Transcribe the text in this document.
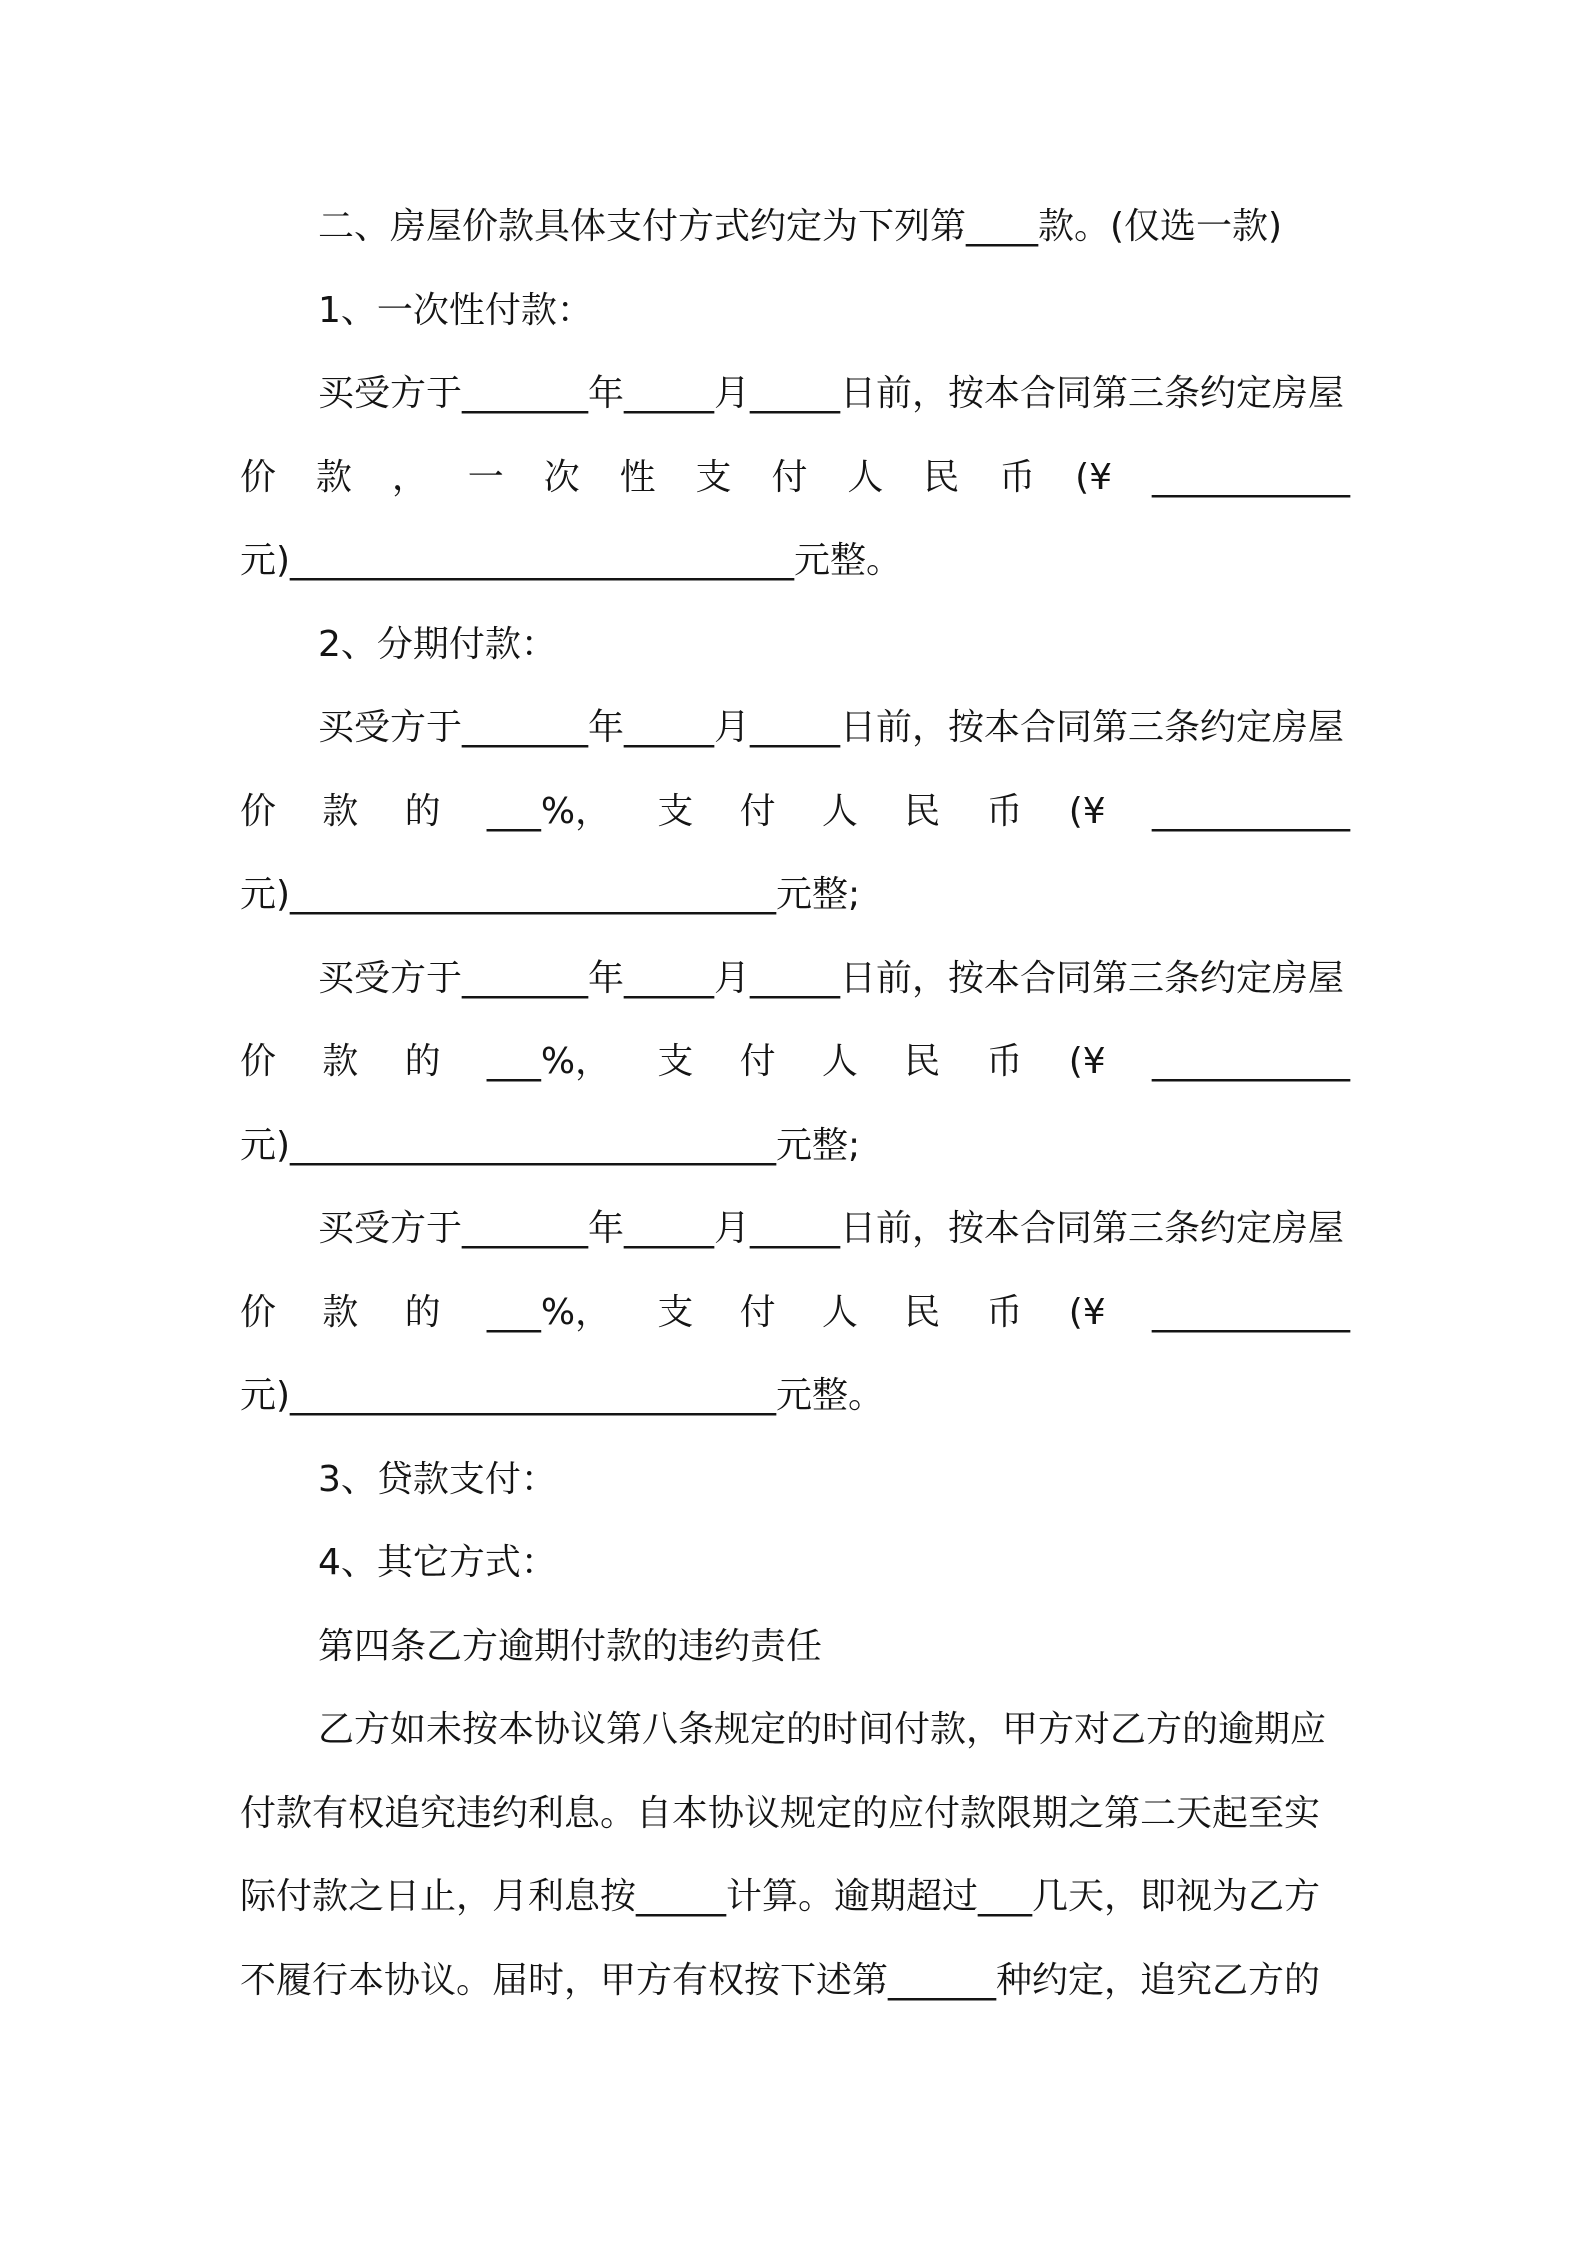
二、房屋价款具体支付方式约定为下列第____款。(仅选一款)

1、一次性付款：

买受方于_______年_____月_____日前，按本合同第三条约定房屋

价 款 ， 一 次 性 支 付 人 民 币 (¥ ___________

元)____________________________元整。

2、分期付款：

买受方于_______年_____月_____日前，按本合同第三条约定房屋

价 款 的 ___%， 支 付 人 民 币 (¥ ___________

元)___________________________元整;

买受方于_______年_____月_____日前，按本合同第三条约定房屋

价 款 的 ___%， 支 付 人 民 币 (¥ ___________

元)___________________________元整;

买受方于_______年_____月_____日前，按本合同第三条约定房屋

价 款 的 ___%， 支 付 人 民 币 (¥ ___________

元)___________________________元整。

3、贷款支付：

4、其它方式：

第四条乙方逾期付款的违约责任

乙方如未按本协议第八条规定的时间付款，甲方对乙方的逾期应

付款有权追究违约利息。自本协议规定的应付款限期之第二天起至实

际付款之日止，月利息按_____计算。逾期超过___几天，即视为乙方

不履行本协议。届时，甲方有权按下述第______种约定，追究乙方的
